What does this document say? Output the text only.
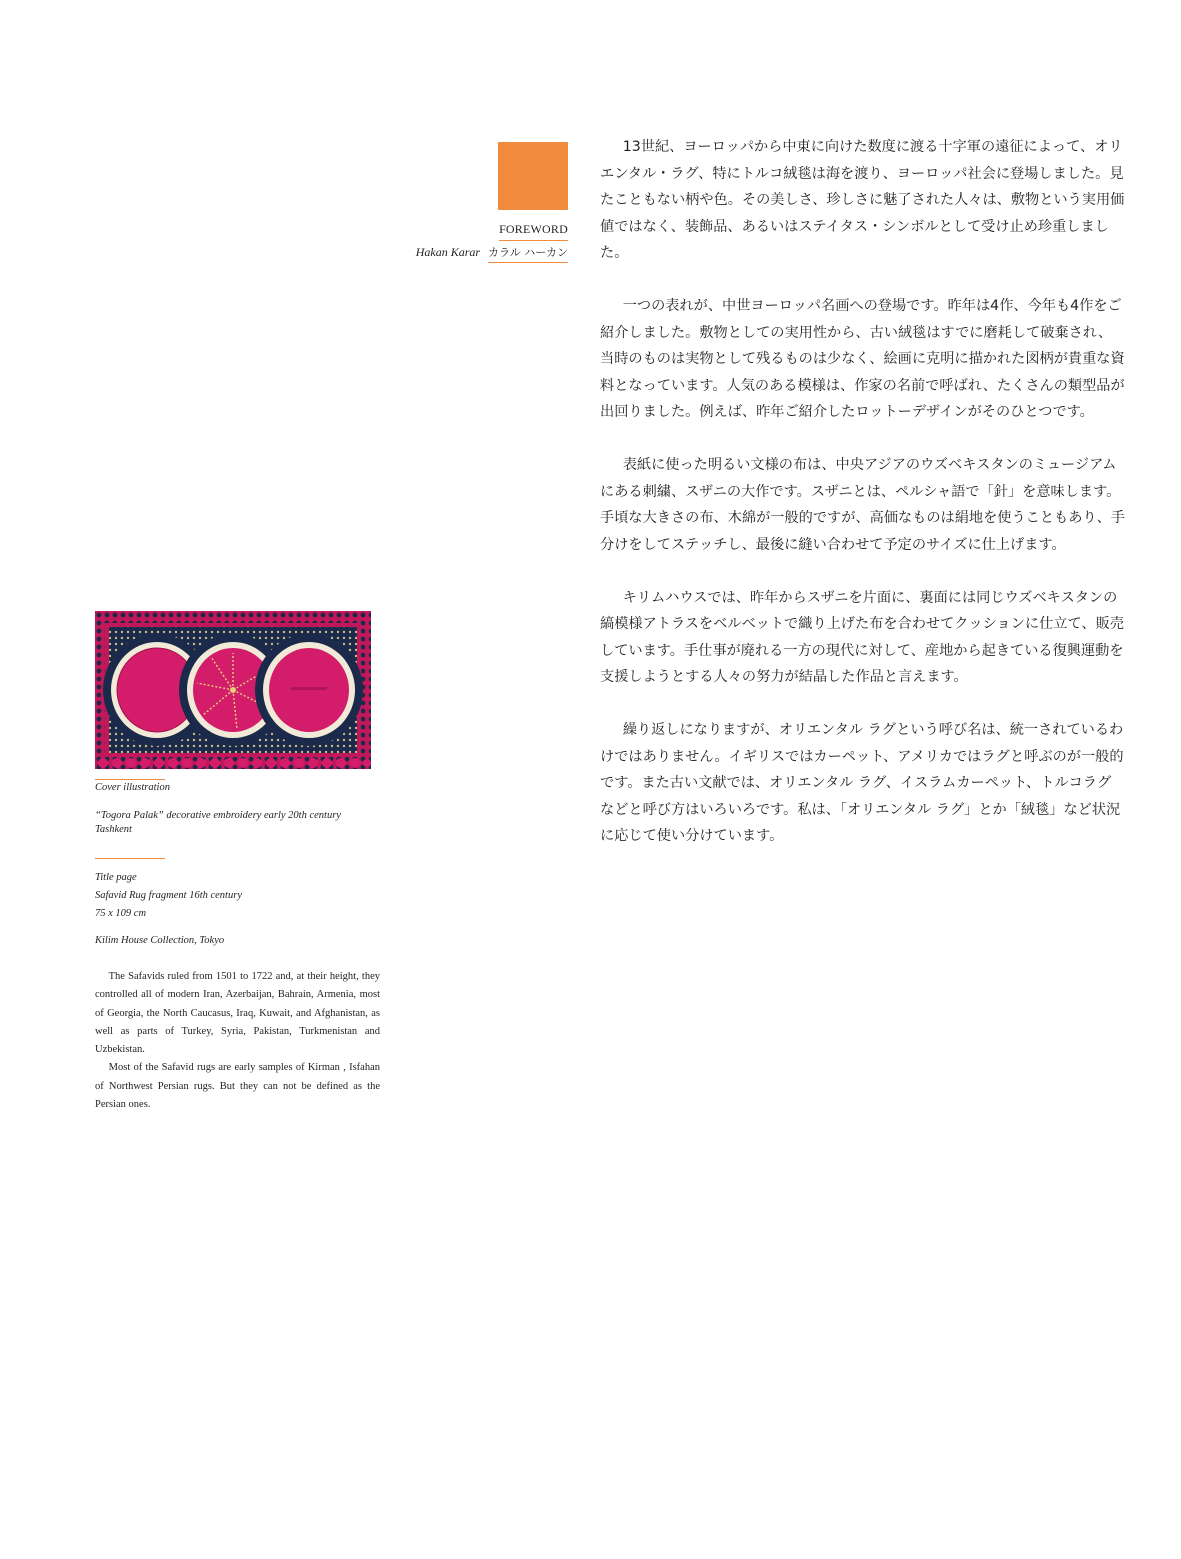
FOREWORD
Hakan Karar カラル ハーカン

13世紀、ヨーロッパから中東に向けた数度に渡る十字軍の遠征によって、オリエンタル・ラグ、特にトルコ絨毯は海を渡り、ヨーロッパ社会に登場しました。見たこともない柄や色。その美しさ、珍しさに魅了された人々は、敷物という実用価値ではなく、装飾品、あるいはステイタス・シンボルとして受け止め珍重しました。

一つの表れが、中世ヨーロッパ名画への登場です。昨年は4作、今年も4作をご紹介しました。敷物としての実用性から、古い絨毯はすでに磨耗して破棄され、当時のものは実物として残るものは少なく、絵画に克明に描かれた図柄が貴重な資料となっています。人気のある模様は、作家の名前で呼ばれ、たくさんの類型品が出回りました。例えば、昨年ご紹介したロットーデザインがそのひとつです。

表紙に使った明るい文様の布は、中央アジアのウズベキスタンのミュージアムにある刺繍、スザニの大作です。スザニとは、ペルシャ語で「針」を意味します。手頃な大きさの布、木綿が一般的ですが、高価なものは絹地を使うこともあり、手分けをしてステッチし、最後に縫い合わせて予定のサイズに仕上げます。

キリムハウスでは、昨年からスザニを片面に、裏面には同じウズベキスタンの縞模様アトラスをベルベットで織り上げた布を合わせてクッションに仕立て、販売しています。手仕事が廃れる一方の現代に対して、産地から起きている復興運動を支援しようとする人々の努力が結晶した作品と言えます。

繰り返しになりますが、オリエンタル ラグという呼び名は、統一されているわけではありません。イギリスではカーペット、アメリカではラグと呼ぶのが一般的です。また古い文献では、オリエンタル ラグ、イスラムカーペット、トルコラグなどと呼び方はいろいろです。私は、「オリエンタル ラグ」とか「絨毯」など状況に応じて使い分けています。

Cover illustration
“Togora Palak” decorative embroidery early 20th century
Tashkent
Title page
Safavid Rug fragment 16th century
75 x 109 cm
Kilim House Collection, Tokyo

The Safavids ruled from 1501 to 1722 and, at their height, they controlled all of modern Iran, Azerbaijan, Bahrain, Armenia, most of Georgia, the North Caucasus, Iraq, Kuwait, and Afghanistan, as well as parts of Turkey, Syria, Pakistan, Turkmenistan and Uzbekistan.

Most of the Safavid rugs are early samples of Kirman , Isfahan of Northwest Persian rugs. But they can not be defined as the Persian ones.
